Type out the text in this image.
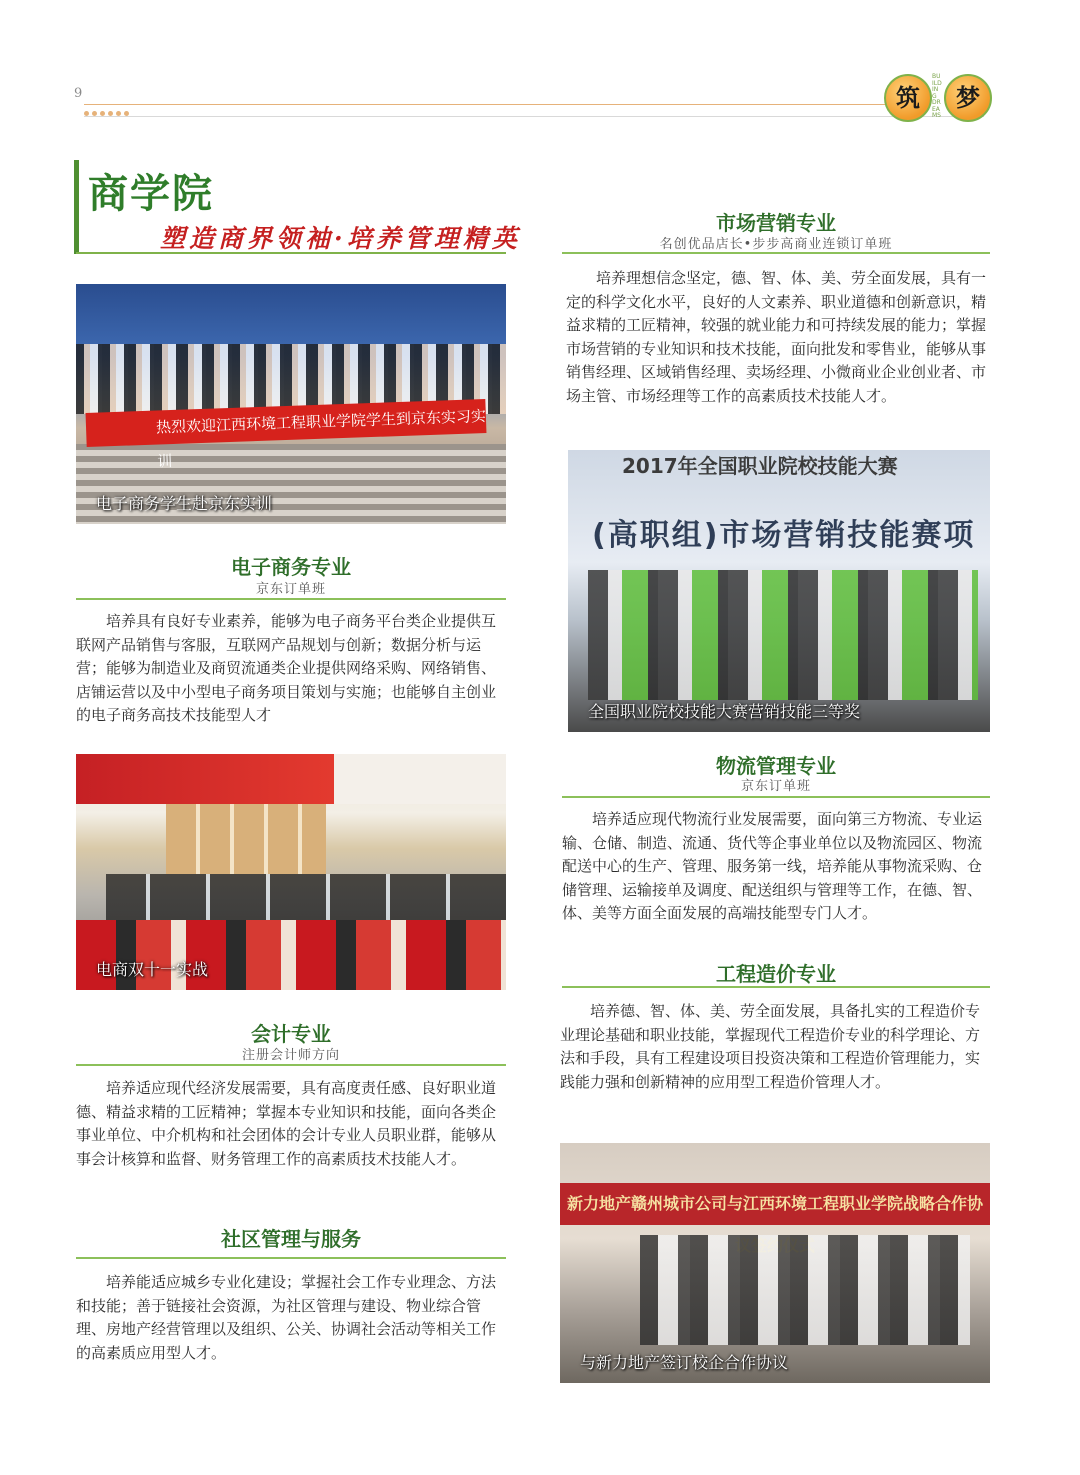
9	筑
BUILDING DREAMS
梦
商学院
塑造商界领袖·培养管理精英
热烈欢迎江西环境工程职业学院学生到京东实习实训
电子商务学生赴京东实训
电子商务专业
京东订单班
培养具有良好专业素养，能够为电子商务平台类企业提供互联网产品销售与客服，互联网产品规划与创新；数据分析与运营；能够为制造业及商贸流通类企业提供网络采购、网络销售、店铺运营以及中小型电子商务项目策划与实施；也能够自主创业的电子商务高技术技能型人才
电商双十一实战
会计专业
注册会计师方向
培养适应现代经济发展需要，具有高度责任感、良好职业道德、精益求精的工匠精神；掌握本专业知识和技能，面向各类企事业单位、中介机构和社会团体的会计专业人员职业群，能够从事会计核算和监督、财务管理工作的高素质技术技能人才。
社区管理与服务
培养能适应城乡专业化建设；掌握社会工作专业理念、方法和技能；善于链接社会资源，为社区管理与建设、物业综合管理、房地产经营管理以及组织、公关、协调社会活动等相关工作的高素质应用型人才。
市场营销专业
名创优品店长•步步高商业连锁订单班
培养理想信念坚定，德、智、体、美、劳全面发展，具有一定的科学文化水平，良好的人文素养、职业道德和创新意识，精益求精的工匠精神，较强的就业能力和可持续发展的能力；掌握市场营销的专业知识和技术技能，面向批发和零售业，能够从事销售经理、区域销售经理、卖场经理、小微商业企业创业者、市场主管、市场经理等工作的高素质技术技能人才。
2017年全国职业院校技能大赛
(高职组)市场营销技能赛项
全国职业院校技能大赛营销技能三等奖
物流管理专业
京东订单班
培养适应现代物流行业发展需要，面向第三方物流、专业运输、仓储、制造、流通、货代等企事业单位以及物流园区、物流配送中心的生产、管理、服务第一线，培养能从事物流采购、仓储管理、运输接单及调度、配送组织与管理等工作，在德、智、体、美等方面全面发展的高端技能型专门人才。
工程造价专业
培养德、智、体、美、劳全面发展，具备扎实的工程造价专业理论基础和职业技能，掌握现代工程造价专业的科学理论、方法和手段，具有工程建设项目投资决策和工程造价管理能力，实践能力强和创新精神的应用型工程造价管理人才。
新力地产赣州城市公司与江西环境工程职业学院战略合作协
与新力地产签订校企合作协议
